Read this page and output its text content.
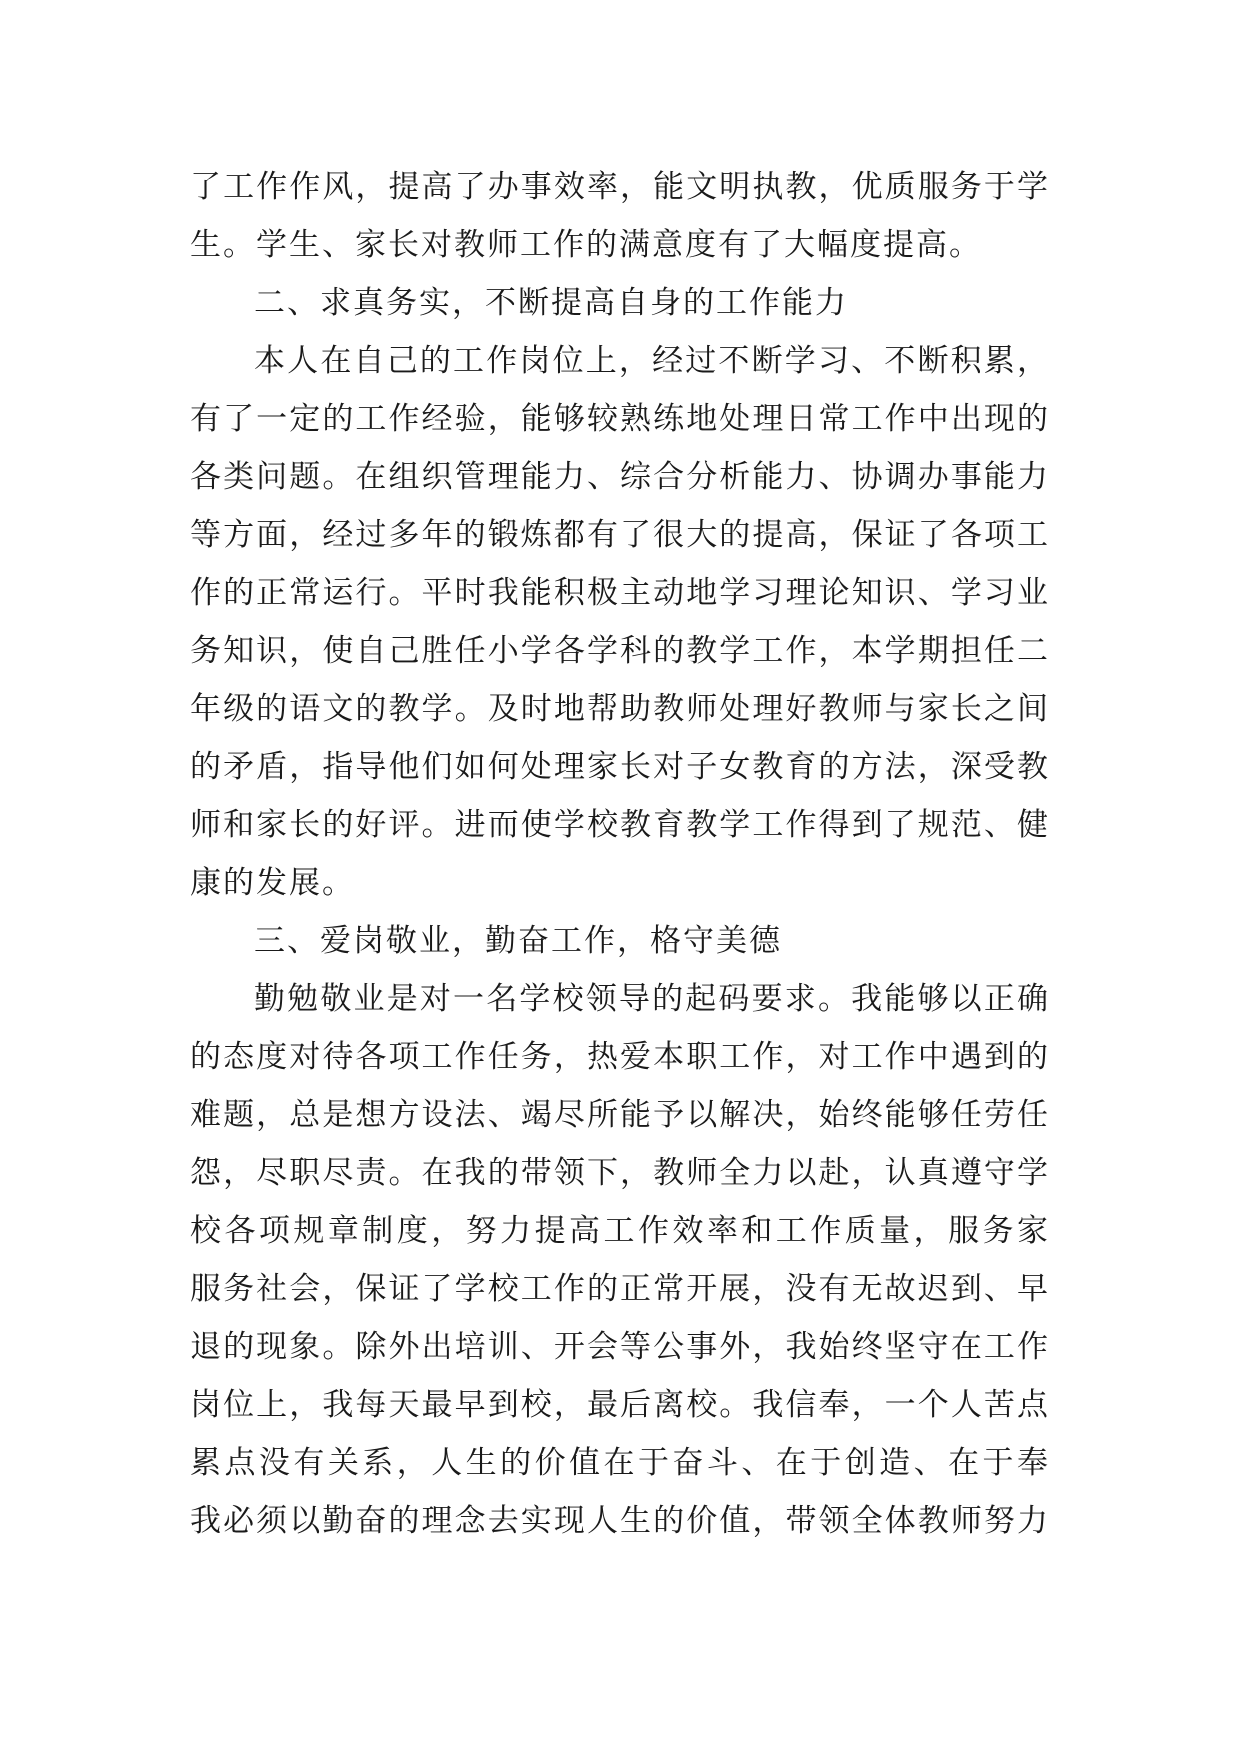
了工作作风，提高了办事效率，能文明执教，优质服务于学

生。学生、家长对教师工作的满意度有了大幅度提高。

二、求真务实，不断提高自身的工作能力

本人在自己的工作岗位上，经过不断学习、不断积累，

有了一定的工作经验，能够较熟练地处理日常工作中出现的

各类问题。在组织管理能力、综合分析能力、协调办事能力

等方面，经过多年的锻炼都有了很大的提高，保证了各项工

作的正常运行。平时我能积极主动地学习理论知识、学习业

务知识，使自己胜任小学各学科的教学工作，本学期担任二

年级的语文的教学。及时地帮助教师处理好教师与家长之间

的矛盾，指导他们如何处理家长对子女教育的方法，深受教

师和家长的好评。进而使学校教育教学工作得到了规范、健

康的发展。

三、爱岗敬业，勤奋工作，格守美德

勤勉敬业是对一名学校领导的起码要求。我能够以正确

的态度对待各项工作任务，热爱本职工作，对工作中遇到的

难题，总是想方设法、竭尽所能予以解决，始终能够任劳任

怨，尽职尽责。在我的带领下，教师全力以赴，认真遵守学

校各项规章制度，努力提高工作效率和工作质量，服务家

服务社会，保证了学校工作的正常开展，没有无故迟到、早

退的现象。除外出培训、开会等公事外，我始终坚守在工作

岗位上，我每天最早到校，最后离校。我信奉，一个人苦点

累点没有关系，人生的价值在于奋斗、在于创造、在于奉

我必须以勤奋的理念去实现人生的价值，带领全体教师努力
